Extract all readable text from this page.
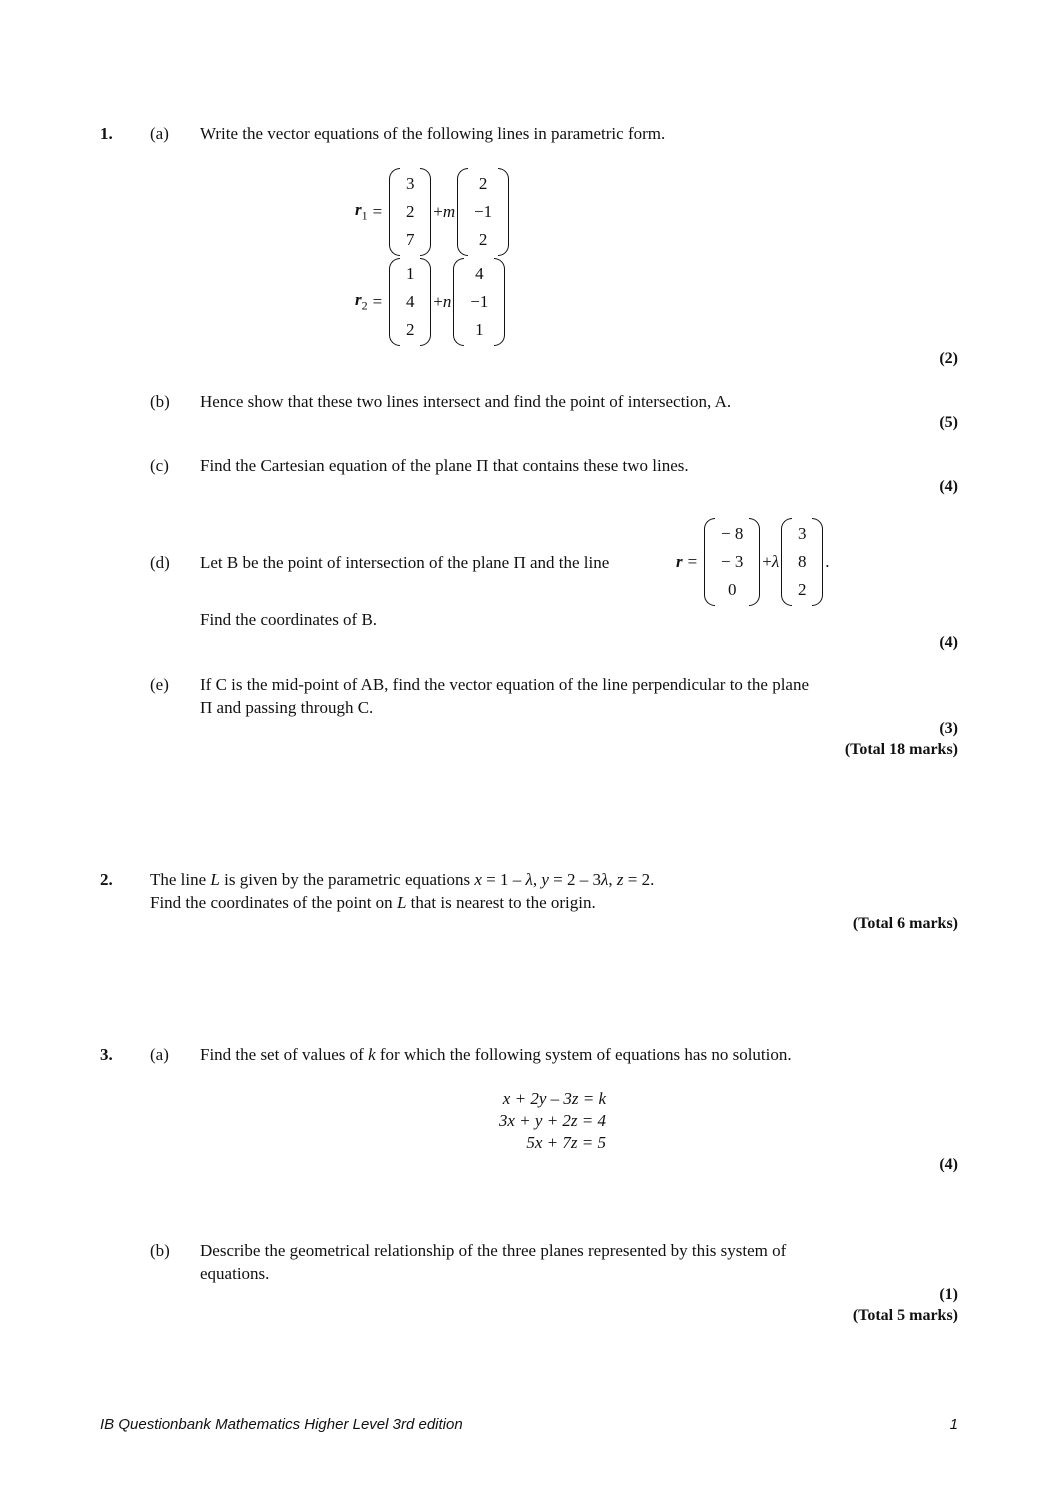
1. (a) Write the vector equations of the following lines in parametric form.
$r_1$ =
3
2
7
+ m
2
−1
2
$r_2$ =
1
4
2
+ n
4
−1
1
(2)
(b) Hence show that these two lines intersect and find the point of intersection, A.
(5)
(c) Find the Cartesian equation of the plane Π that contains these two lines.
(4)
(d) Let B be the point of intersection of the plane Π and the line	r =
− 8
− 3
0
+ λ
3
8
2
.
Find the coordinates of B.
(4)
(e) If C is the mid-point of AB, find the vector equation of the line perpendicular to the plane
Π and passing through C.
(3)
(Total 18 marks)
2. The line L is given by the parametric equations x = 1 – λ, y = 2 – 3λ, z = 2.
Find the coordinates of the point on L that is nearest to the origin.
(Total 6 marks)
3. (a) Find the set of values of k for which the following system of equations has no solution.
x + 2y – 3z = k
3x + y + 2z = 4
5x + 7z = 5
(4)
(b) Describe the geometrical relationship of the three planes represented by this system of
equations.
(1)
(Total 5 marks)
IB Questionbank Mathematics Higher Level 3rd edition	1
